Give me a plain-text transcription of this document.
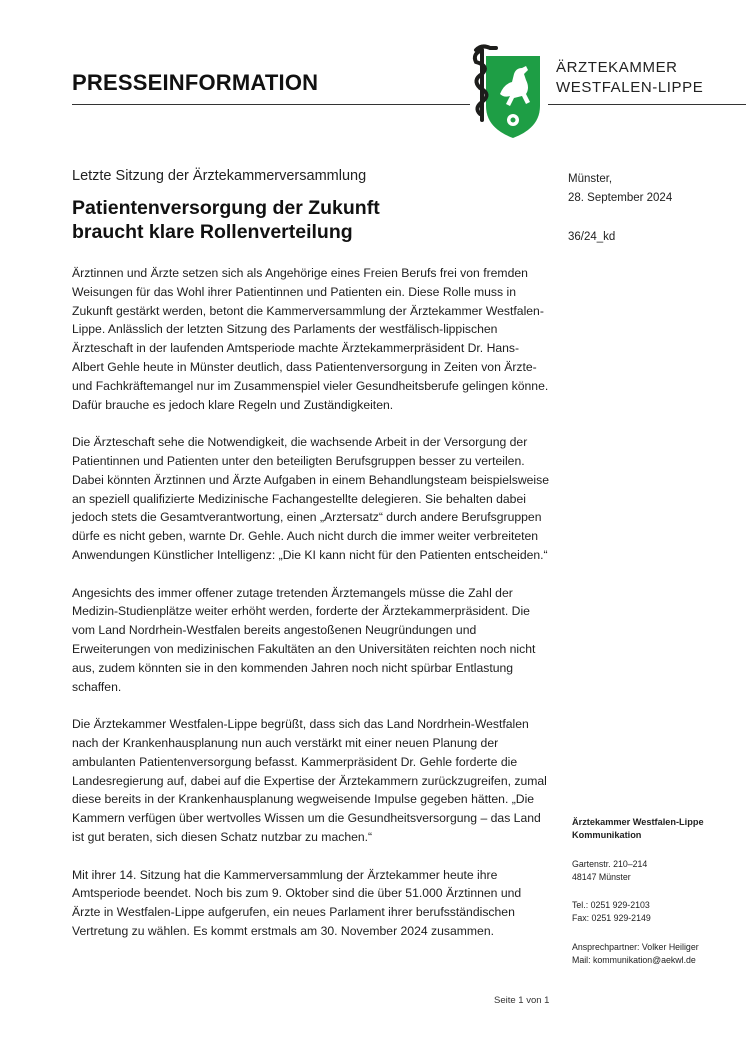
PRESSEINFORMATION
ÄRZTEKAMMER
WESTFALEN-LIPPE
Letzte Sitzung der Ärztekammerversammlung
Patientenversorgung der Zukunft
braucht klare Rollenverteilung
Münster,
28. September 2024
36/24_kd

Ärztinnen und Ärzte setzen sich als Angehörige eines Freien Berufs frei von fremden Weisungen für das Wohl ihrer Patientinnen und Patienten ein. Diese Rolle muss in Zukunft gestärkt werden, betont die Kammerversammlung der Ärztekammer Westfalen-Lippe. Anlässlich der letzten Sitzung des Parlaments der westfälisch-lippischen Ärzteschaft in der laufenden Amtsperiode machte Ärztekammerpräsident Dr. Hans-Albert Gehle heute in Münster deutlich, dass Patientenversorgung in Zeiten von Ärzte- und Fachkräftemangel nur im Zusammenspiel vieler Gesundheitsberufe gelingen könne. Dafür brauche es jedoch klare Regeln und Zuständigkeiten.

Die Ärzteschaft sehe die Notwendigkeit, die wachsende Arbeit in der Versorgung der Patientinnen und Patienten unter den beteiligten Berufsgruppen besser zu verteilen. Dabei könnten Ärztinnen und Ärzte Aufgaben in einem Behandlungsteam beispielsweise an speziell qualifizierte Medizinische Fachangestellte delegieren. Sie behalten dabei jedoch stets die Gesamtverantwortung, einen „Arztersatz“ durch andere Berufsgruppen dürfe es nicht geben, warnte Dr. Gehle. Auch nicht durch die immer weiter verbreiteten Anwendungen Künstlicher Intelligenz: „Die KI kann nicht für den Patienten entscheiden.“

Angesichts des immer offener zutage tretenden Ärztemangels müsse die Zahl der Medizin-Studienplätze weiter erhöht werden, forderte der Ärztekammerpräsident. Die vom Land Nordrhein-Westfalen bereits angestoßenen Neugründungen und Erweiterungen von medizinischen Fakultäten an den Universitäten reichten noch nicht aus, zudem könnten sie in den kommenden Jahren noch nicht spürbar Entlastung schaffen.

Die Ärztekammer Westfalen-Lippe begrüßt, dass sich das Land Nordrhein-Westfalen nach der Krankenhausplanung nun auch verstärkt mit einer neuen Planung der ambulanten Patientenversorgung befasst. Kammerpräsident Dr. Gehle forderte die Landesregierung auf, dabei auf die Expertise der Ärztekammern zurückzugreifen, zumal diese bereits in der Krankenhausplanung wegweisende Impulse gegeben hätten. „Die Kammern verfügen über wertvolles Wissen um die Gesundheitsversorgung – das Land ist gut beraten, sich diesen Schatz nutzbar zu machen.“

Mit ihrer 14. Sitzung hat die Kammerversammlung der Ärztekammer heute ihre Amtsperiode beendet. Noch bis zum 9. Oktober sind die über 51.000 Ärztinnen und Ärzte in Westfalen-Lippe aufgerufen, ein neues Parlament ihrer berufsständischen Vertretung zu wählen. Es kommt erstmals am 30. November 2024 zusammen.

Ärztekammer Westfalen-Lippe
Kommunikation
Gartenstr. 210–214
48147 Münster
Tel.: 0251 929-2103
Fax: 0251 929-2149
Ansprechpartner: Volker Heiliger
Mail: kommunikation@aekwl.de
Seite 1 von 1
